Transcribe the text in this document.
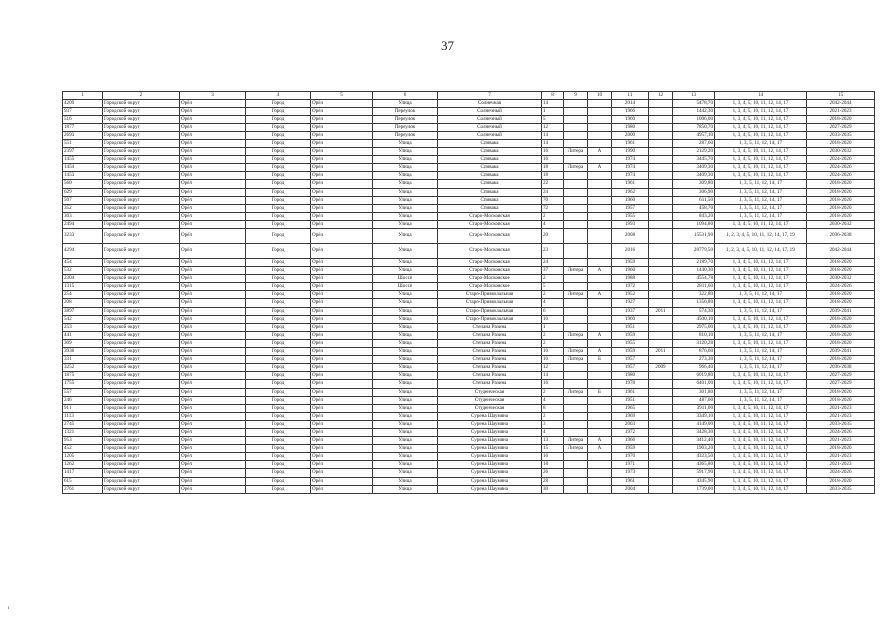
37
1	2	3	4	5	6	7	8	9	10	11	12	13	14	15
4209	Городской округ	Орёл	Город	Орёл	Улица	Солнечная	14			2014		5478,70	1, 3, 4, 5, 10, 11, 12, 14, 17	2042-2044
937	Городской округ	Орёл	Город	Орёл	Переулок	Солнечный	1			1966		1442,30	1, 3, 4, 5, 10, 11, 12, 14, 17	2021-2023
516	Городской округ	Орёл	Город	Орёл	Переулок	Солнечный	5			1960		1006,00	1, 3, 4, 5, 10, 11, 12, 14, 17	2018-2020
1877	Городской округ	Орёл	Город	Орёл	Переулок	Солнечный	12			1980		7850,70	1, 3, 4, 5, 10, 11, 12, 14, 17	2027-2029
2693	Городской округ	Орёл	Город	Орёл	Переулок	Солнечный	14			2000		4957,10	1, 3, 4, 5, 10, 11, 12, 14, 17	2033-2035
551	Городской округ	Орёл	Город	Орёл	Улица	Спивака	14			1961		287,60	1, 3, 5, 11, 12, 14, 17	2018-2020
2397	Городской округ	Орёл	Город	Орёл	Улица	Спивака	16	Литера	А	1990		2129,20	1, 3, 4, 5, 10, 11, 12, 14, 17	2030-2032
1455	Городской округ	Орёл	Город	Орёл	Улица	Спивака	16			1974		3445,70	1, 3, 4, 5, 10, 11, 12, 14, 17	2024-2026
1454	Городской округ	Орёл	Город	Орёл	Улица	Спивака	18	Литера	А	1974		3409,30	1, 3, 4, 5, 10, 11, 12, 14, 17	2024-2026
1453	Городской округ	Орёл	Город	Орёл	Улица	Спивака	18			1974		3409,30	1, 3, 4, 5, 10, 11, 12, 14, 17	2024-2026
560	Городской округ	Орёл	Город	Орёл	Улица	Спивака	22			1961		309,80	1, 3, 5, 11, 12, 14, 17	2018-2020
629	Городской округ	Орёл	Город	Орёл	Улица	Спивака	24			1962		306,90	1, 3, 5, 11, 12, 14, 17	2018-2020
507	Городской округ	Орёл	Город	Орёл	Улица	Спивака	70			1960		611,50	1, 3, 5, 11, 12, 14, 17	2018-2020
352	Городской округ	Орёл	Город	Орёл	Улица	Спивака	72			1957		458,70	1, 3, 5, 11, 12, 14, 17	2018-2020
303	Городской округ	Орёл	Город	Орёл	Улица	Старо-Московская	2			1955		843,20	1, 3, 5, 11, 12, 14, 17	2018-2020
2494	Городской округ	Орёл	Город	Орёл	Улица	Старо-Московская	4			1993		1094,80	1, 3, 4, 5, 10, 11, 12, 14, 17	2030-2032
3233	Городской округ	Орёл	Город	Орёл	Улица	Старо-Московская	20			2008		15531,90	1, 2, 3, 4, 5, 10, 11, 12, 14, 17, 19	2036-2038
4294	Городской округ	Орёл	Город	Орёл	Улица	Старо-Московская	23			2016		20779,50	1, 2, 3, 4, 5, 10, 11, 12, 14, 17, 19	2042-2044
454	Городской округ	Орёл	Город	Орёл	Улица	Старо-Московская	24			1959		2189,70	1, 3, 4, 5, 10, 11, 12, 14, 17	2018-2020
532	Городской округ	Орёл	Город	Орёл	Улица	Старо-Московская	37	Литера	А	1960		1440,30	1, 3, 4, 5, 10, 11, 12, 14, 17	2018-2020
2304	Городской округ	Орёл	Город	Орёл	Шоссе	Старо-Московское	2			1988		4554,78	1, 3, 4, 5, 10, 11, 12, 14, 17	2030-2032
1315	Городской округ	Орёл	Город	Орёл	Шоссе	Старо-Московское	5			1972		2811,60	1, 3, 4, 5, 10, 11, 12, 14, 17	2024-2026
254	Городской округ	Орёл	Город	Орёл	Улица	Старо-Привокзальная	2	Литера	А	1952		322,80	1, 3, 5, 11, 12, 14, 17	2018-2020
208	Городской округ	Орёл	Город	Орёл	Улица	Старо-Привокзальная	4			1927		1356,80	1, 3, 4, 5, 10, 11, 12, 14, 17	2018-2020
3897	Городской округ	Орёл	Город	Орёл	Улица	Старо-Привокзальная	6			1937	2011	574,30	1, 3, 5, 11, 12, 14, 17	2039-2041
542	Городской округ	Орёл	Город	Орёл	Улица	Старо-Привокзальная	10			1960		4500,10	1, 3, 4, 5, 10, 11, 12, 14, 17	2018-2020
253	Городской округ	Орёл	Город	Орёл	Улица	Степана Разина	1			1951		2975,00	1, 3, 4, 5, 10, 11, 12, 14, 17	2018-2020
441	Городской округ	Орёл	Город	Орёл	Улица	Степана Разина	2	Литера	А	1959		810,10	1, 3, 5, 11, 12, 14, 17	2018-2020
309	Городской округ	Орёл	Город	Орёл	Улица	Степана Разина	2			1955		3120,28	1, 3, 4, 5, 10, 11, 12, 14, 17	2018-2020
3936	Городской округ	Орёл	Город	Орёл	Улица	Степана Разина	10	Литера	А	1959	2011	876,60	1, 3, 5, 11, 12, 14, 17	2039-2041
331	Городской округ	Орёл	Город	Орёл	Улица	Степана Разина	10	Литера	Б	1957		273,30	1, 3, 5, 11, 12, 14, 17	2018-2020
3252	Городской округ	Орёл	Город	Орёл	Улица	Степана Разина	12			1957	2009	966,40	1, 3, 5, 11, 12, 14, 17	2036-2038
1875	Городской округ	Орёл	Город	Орёл	Улица	Степана Разина	14			1980		6019,80	1, 3, 4, 5, 10, 11, 12, 14, 17	2027-2029
1755	Городской округ	Орёл	Город	Орёл	Улица	Степана Разина	16			1978		6401,00	1, 3, 4, 5, 10, 11, 12, 14, 17	2027-2029
557	Городской округ	Орёл	Город	Орёл	Улица	Студенческая	2	Литера	Б	1961		301,80	1, 3, 5, 11, 12, 14, 17	2018-2020
246	Городской округ	Орёл	Город	Орёл	Улица	Студенческая	4			1951		487,60	1, 3, 5, 11, 12, 14, 17	2018-2020
911	Городской округ	Орёл	Город	Орёл	Улица	Студенческая	8			1965		3911,00	1, 3, 4, 5, 10, 11, 12, 14, 17	2021-2023
1113	Городской округ	Орёл	Город	Орёл	Улица	Сурена Шаумяна	2			1969		3349,10	1, 3, 4, 5, 10, 11, 12, 14, 17	2021-2023
2745	Городской округ	Орёл	Город	Орёл	Улица	Сурена Шаумяна	3			2003		4149,00	1, 3, 4, 5, 10, 11, 12, 14, 17	2033-2035
1321	Городской округ	Орёл	Город	Орёл	Улица	Сурена Шаумяна	4			1972		3428,30	1, 3, 4, 5, 10, 11, 12, 14, 17	2024-2026
953	Городской округ	Орёл	Город	Орёл	Улица	Сурена Шаумяна	13	Литера	А	1966		3412,40	1, 3, 4, 5, 10, 11, 12, 14, 17	2021-2023
452	Городской округ	Орёл	Город	Орёл	Улица	Сурена Шаумяна	15	Литера	А	1959		1903,20	1, 3, 4, 5, 10, 11, 12, 14, 17	2018-2020
1205	Городской округ	Орёл	Город	Орёл	Улица	Сурена Шаумяна	16			1970		4323,50	1, 3, 4, 5, 10, 11, 12, 14, 17	2021-2023
1262	Городской округ	Орёл	Город	Орёл	Улица	Сурена Шаумяна	18			1971		4365,80	1, 3, 4, 5, 10, 11, 12, 14, 17	2021-2023
1417	Городской округ	Орёл	Город	Орёл	Улица	Сурена Шаумяна	26			1973		5917,90	1, 3, 4, 5, 10, 11, 12, 14, 17	2024-2026
615	Городской округ	Орёл	Город	Орёл	Улица	Сурена Шаумяна	28			1961		4345,90	1, 3, 4, 5, 10, 11, 12, 14, 17	2018-2020
2761	Городской округ	Орёл	Город	Орёл	Улица	Сурена Шаумяна	30			2004		1739,00	1, 3, 4, 5, 10, 11, 12, 14, 17	2033-2035
ı
